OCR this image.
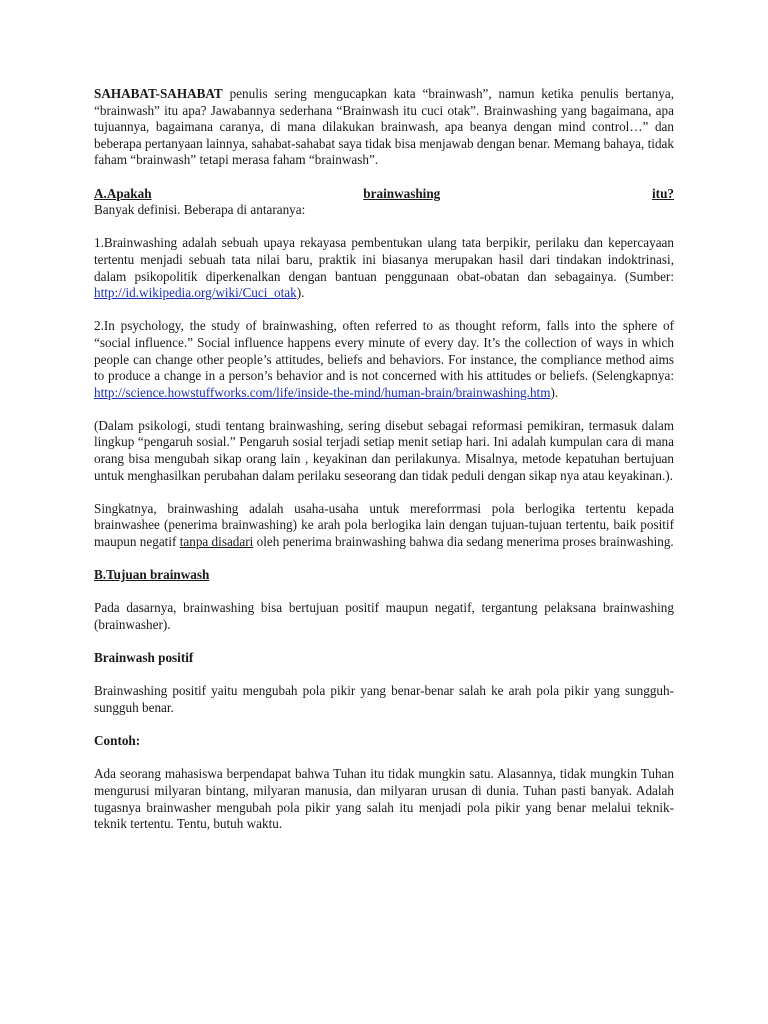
SAHABAT-SAHABAT penulis sering mengucapkan kata “brainwash”, namun ketika penulis bertanya, “brainwash” itu apa? Jawabannya sederhana “Brainwash itu cuci otak”. Brainwashing yang bagaimana, apa tujuannya, bagaimana caranya, di mana dilakukan brainwash, apa beanya dengan mind control…” dan beberapa pertanyaan lainnya, sahabat-sahabat saya tidak bisa menjawab dengan benar. Memang bahaya, tidak faham “brainwash” tetapi merasa faham “brainwash”.

A.Apakah	brainwashing	itu?

Banyak definisi. Beberapa di antaranya:

1.Brainwashing adalah sebuah upaya rekayasa pembentukan ulang tata berpikir, perilaku dan kepercayaan tertentu menjadi sebuah tata nilai baru, praktik ini biasanya merupakan hasil dari tindakan indoktrinasi, dalam psikopolitik diperkenalkan dengan bantuan penggunaan obat-obatan dan sebagainya. (Sumber: http://id.wikipedia.org/wiki/Cuci_otak).

2.In psychology, the study of brainwashing, often referred to as thought reform, falls into the sphere of “social influence.” Social influence happens every minute of every day. It’s the collection of ways in which people can change other people’s attitudes, beliefs and behaviors. For instance, the compliance method aims to produce a change in a person’s behavior and is not concerned with his attitudes or beliefs. (Selengkapnya: http://science.howstuffworks.com/life/inside-the-mind/human-brain/brainwashing.htm).

(Dalam psikologi, studi tentang brainwashing, sering disebut sebagai reformasi pemikiran, termasuk dalam lingkup “pengaruh sosial.” Pengaruh sosial terjadi setiap menit setiap hari. Ini adalah kumpulan cara di mana orang bisa mengubah sikap orang lain , keyakinan dan perilakunya. Misalnya, metode kepatuhan bertujuan untuk menghasilkan perubahan dalam perilaku seseorang dan tidak peduli dengan sikap nya atau keyakinan.).

Singkatnya, brainwashing adalah usaha-usaha untuk mereforrmasi pola berlogika tertentu kepada brainwashee (penerima brainwashing) ke arah pola berlogika lain dengan tujuan-tujuan tertentu, baik positif maupun negatif tanpa disadari oleh penerima brainwashing bahwa dia sedang menerima proses brainwashing.

B.Tujuan brainwash

Pada dasarnya, brainwashing bisa bertujuan positif maupun negatif, tergantung pelaksana brainwashing (brainwasher).

Brainwash positif

Brainwashing positif yaitu mengubah pola pikir yang benar-benar salah ke arah pola pikir yang sungguh-sungguh benar.

Contoh:

Ada seorang mahasiswa berpendapat bahwa Tuhan itu tidak mungkin satu. Alasannya, tidak mungkin Tuhan mengurusi milyaran bintang, milyaran manusia, dan milyaran urusan di dunia. Tuhan pasti banyak. Adalah tugasnya brainwasher mengubah pola pikir yang salah itu menjadi pola pikir yang benar melalui teknik-teknik tertentu. Tentu, butuh waktu.
